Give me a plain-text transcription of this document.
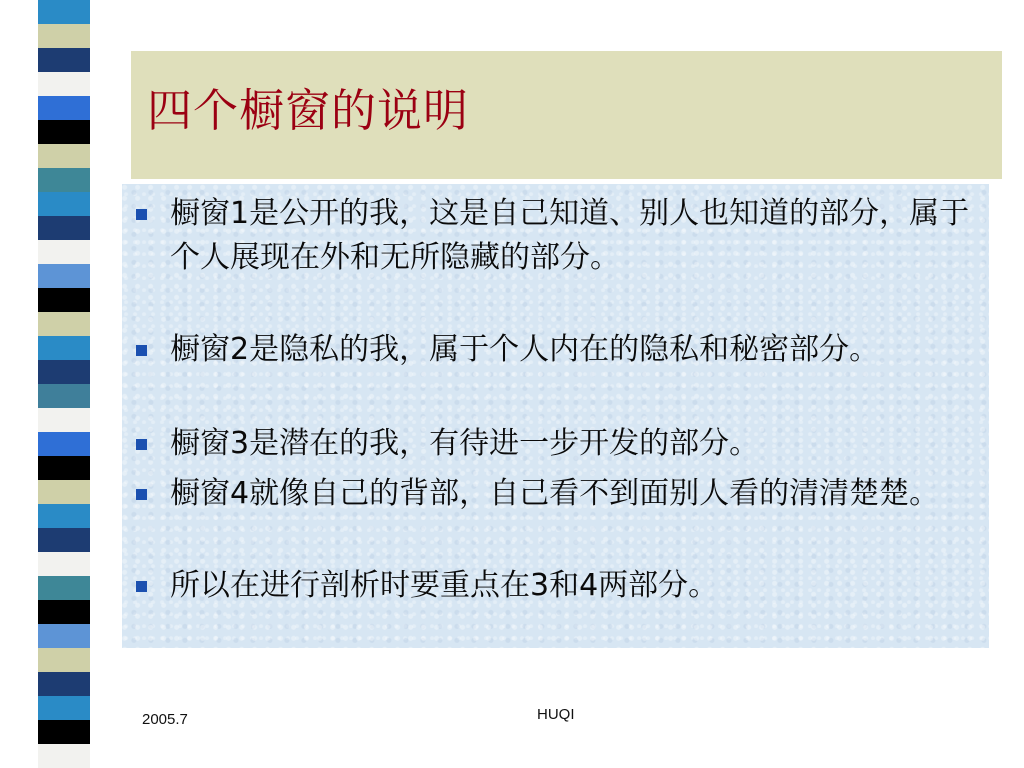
四个橱窗的说明
橱窗1是公开的我，这是自己知道、别人也知道的部分，属于个人展现在外和无所隐藏的部分。
橱窗2是隐私的我，属于个人内在的隐私和秘密部分。
橱窗3是潜在的我，有待进一步开发的部分。
橱窗4就像自己的背部，自己看不到面别人看的清清楚楚。
所以在进行剖析时要重点在3和4两部分。
2005.7	HUQI
